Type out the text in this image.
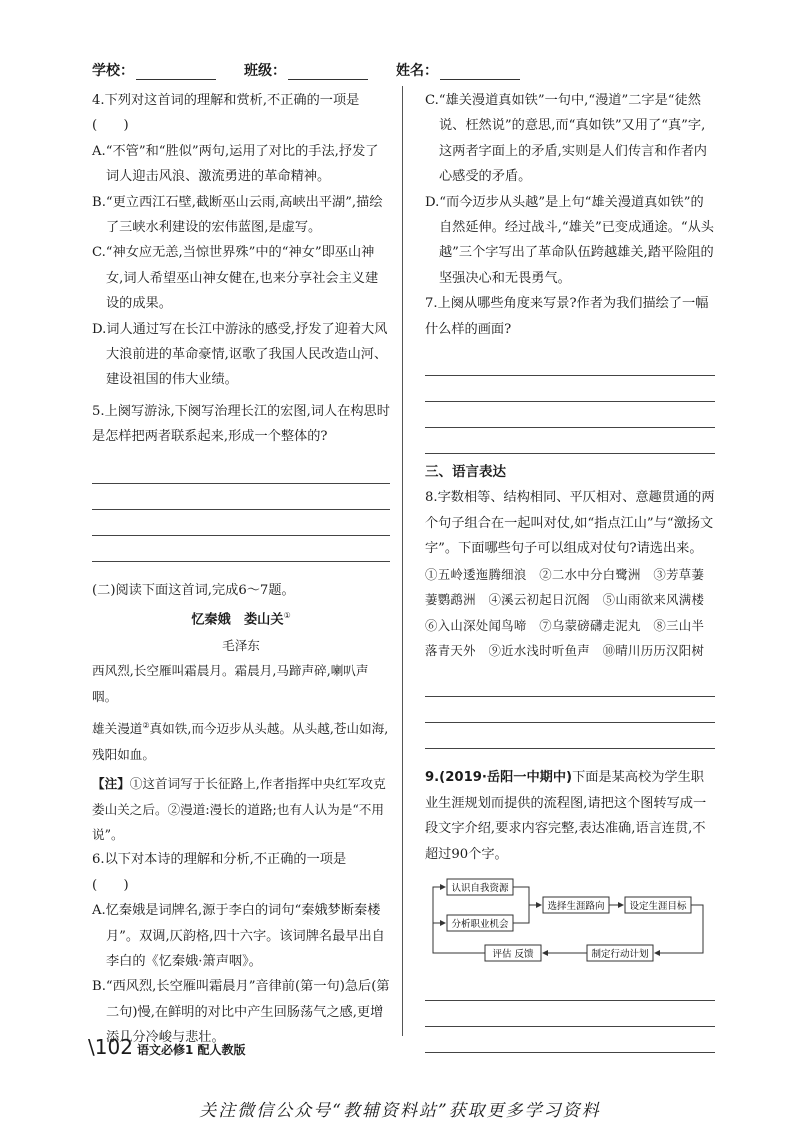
学校：	班级：	姓名：

4.下列对这首词的理解和赏析,不正确的一项是　(　　)

A.“不管”和“胜似”两句,运用了对比的手法,抒发了词人迎击风浪、激流勇进的革命精神。

B.“更立西江石壁,截断巫山云雨,高峡出平湖”,描绘了三峡水利建设的宏伟蓝图,是虚写。

C.“神女应无恙,当惊世界殊”中的“神女”即巫山神女,词人希望巫山神女健在,也来分享社会主义建设的成果。

D.词人通过写在长江中游泳的感受,抒发了迎着大风大浪前进的革命豪情,讴歌了我国人民改造山河、建设祖国的伟大业绩。

5.上阕写游泳,下阕写治理长江的宏图,词人在构思时是怎样把两者联系起来,形成一个整体的?

(二)阅读下面这首词,完成6～7题。

忆秦娥　娄山关①

毛泽东

西风烈,长空雁叫霜晨月。霜晨月,马蹄声碎,喇叭声咽。

雄关漫道②真如铁,而今迈步从头越。从头越,苍山如海,残阳如血。

【注】①这首词写于长征路上,作者指挥中央红军攻克娄山关之后。②漫道:漫长的道路;也有人认为是“不用说”。

6.以下对本诗的理解和分析,不正确的一项是　(　　)

A.忆秦娥是词牌名,源于李白的词句“秦娥梦断秦楼月”。双调,仄韵格,四十六字。该词牌名最早出自李白的《忆秦娥·箫声咽》。

B.“西风烈,长空雁叫霜晨月”音律前(第一句)急后(第二句)慢,在鲜明的对比中产生回肠荡气之感,更增添几分冷峻与悲壮。

C.“雄关漫道真如铁”一句中,“漫道”二字是“徒然说、枉然说”的意思,而“真如铁”又用了“真”字,这两者字面上的矛盾,实则是人们传言和作者内心感受的矛盾。

D.“而今迈步从头越”是上句“雄关漫道真如铁”的自然延伸。经过战斗,“雄关”已变成通途。“从头越”三个字写出了革命队伍跨越雄关,踏平险阻的坚强决心和无畏勇气。

7.上阕从哪些角度来写景?作者为我们描绘了一幅什么样的画面?

三、语言表达

8.字数相等、结构相同、平仄相对、意趣贯通的两个句子组合在一起叫对仗,如“指点江山”与“激扬文字”。下面哪些句子可以组成对仗句?请选出来。

①五岭逶迤腾细浪　②二水中分白鹭洲　③芳草萋萋鹦鹉洲　④溪云初起日沉阁　⑤山雨欲来风满楼　⑥入山深处闻鸟啼　⑦乌蒙磅礴走泥丸　⑧三山半落青天外　⑨近水浅时听鱼声　⑩晴川历历汉阳树

9.(2019·岳阳一中期中)下面是某高校为学生职业生涯规划而提供的流程图,请把这个图转写成一段文字介绍,要求内容完整,表达准确,语言连贯,不超过90个字。

认识自我资源
分析职业机会
选择生涯路向	设定生涯目标
制定行动计划
评估 反馈
\102 语文必修1 配人教版
关注微信公众号“教辅资料站”获取更多学习资料
